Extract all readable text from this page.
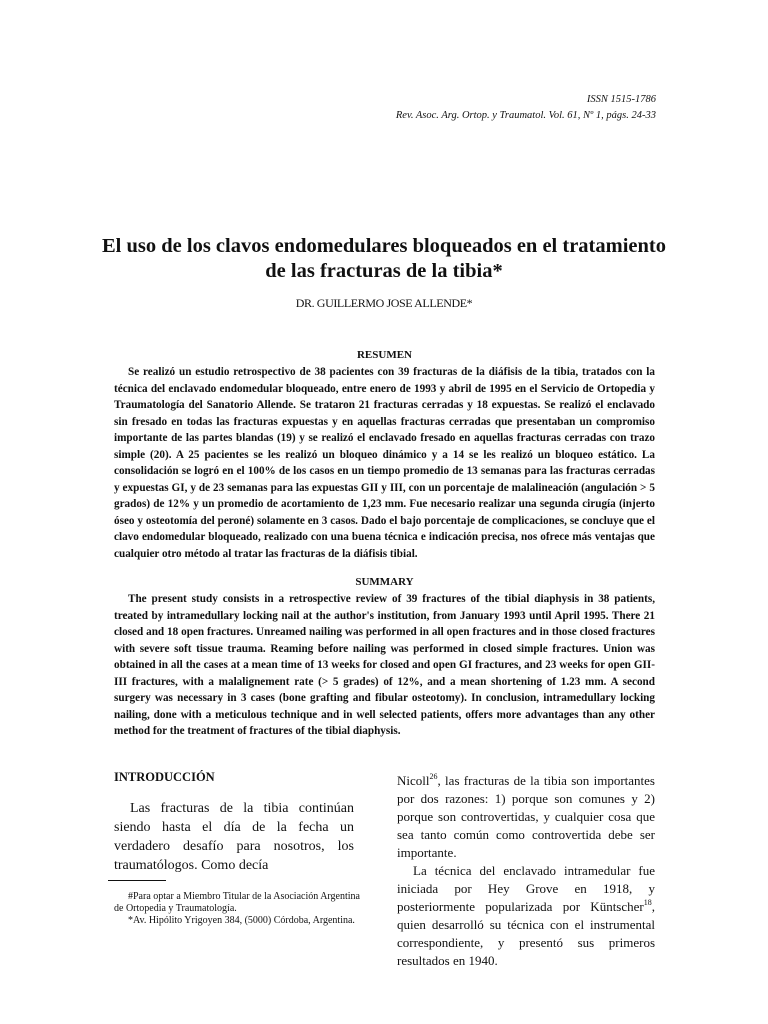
ISSN 1515-1786
Rev. Asoc. Arg. Ortop. y Traumatol. Vol. 61, Nº 1, págs. 24-33
El uso de los clavos endomedulares bloqueados en el tratamiento de las fracturas de la tibia*
DR. GUILLERMO JOSE ALLENDE*
RESUMEN

Se realizó un estudio retrospectivo de 38 pacientes con 39 fracturas de la diáfisis de la tibia, tratados con la técnica del enclavado endomedular bloqueado, entre enero de 1993 y abril de 1995 en el Servicio de Ortopedia y Traumatología del Sanatorio Allende. Se trataron 21 fracturas cerradas y 18 expuestas. Se realizó el enclavado sin fresado en todas las fracturas expuestas y en aquellas fracturas cerradas que presentaban un compromiso importante de las partes blandas (19) y se realizó el enclavado fresado en aquellas fracturas cerradas con trazo simple (20). A 25 pacientes se les realizó un bloqueo dinámico y a 14 se les realizó un bloqueo estático. La consolidación se logró en el 100% de los casos en un tiempo promedio de 13 semanas para las fracturas cerradas y expuestas GI, y de 23 semanas para las expuestas GII y III, con un porcentaje de malalineación (angulación > 5 grados) de 12% y un promedio de acortamiento de 1,23 mm. Fue necesario realizar una segunda cirugía (injerto óseo y osteotomía del peroné) solamente en 3 casos. Dado el bajo porcentaje de complicaciones, se concluye que el clavo endomedular bloqueado, realizado con una buena técnica e indicación precisa, nos ofrece más ventajas que cualquier otro método al tratar las fracturas de la diáfisis tibial.

SUMMARY

The present study consists in a retrospective review of 39 fractures of the tibial diaphysis in 38 patients, treated by intramedullary locking nail at the author's institution, from January 1993 until April 1995. There 21 closed and 18 open fractures. Unreamed nailing was performed in all open fractures and in those closed fractures with severe soft tissue trauma. Reaming before nailing was performed in closed simple fractures. Union was obtained in all the cases at a mean time of 13 weeks for closed and open GI fractures, and 23 weeks for open GII-III fractures, with a malalignement rate (> 5 grades) of 12%, and a mean shortening of 1.23 mm. A second surgery was necessary in 3 cases (bone grafting and fibular osteotomy). In conclusion, intramedullary locking nailing, done with a meticulous technique and in well selected patients, offers more advantages than any other method for the treatment of fractures of the tibial diaphysis.

INTRODUCCIÓN

Las fracturas de la tibia continúan siendo hasta el día de la fecha un verdadero desafío para nosotros, los traumatólogos. Como decía

Nicoll$^{26}$, las fracturas de la tibia son importantes por dos razones: 1) porque son comunes y 2) porque son controvertidas, y cualquier cosa que sea tanto común como controvertida debe ser importante.

La técnica del enclavado intramedular fue iniciada por Hey Grove en 1918, y posteriormente popularizada por Küntscher$^{18}$, quien desarrolló su técnica con el instrumental correspondiente, y presentó sus primeros resultados en 1940.

#Para optar a Miembro Titular de la Asociación Argentina de Ortopedia y Traumatología.

*Av. Hipólito Yrigoyen 384, (5000) Córdoba, Argentina.
